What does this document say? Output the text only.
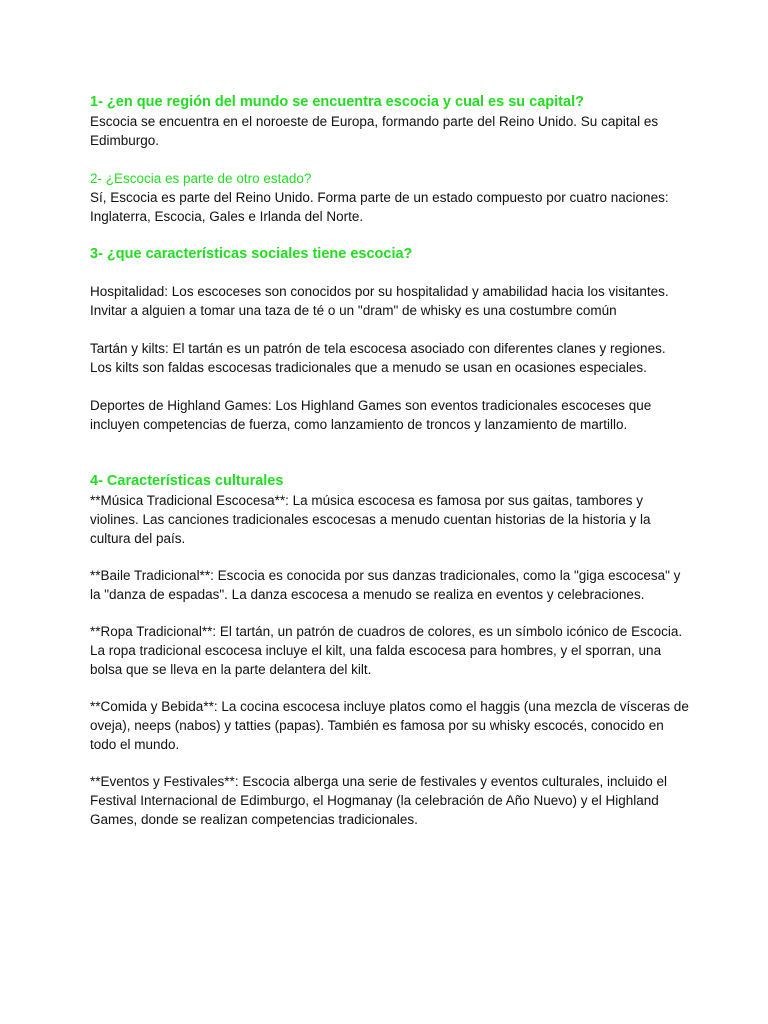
1- ¿en que región del mundo se encuentra escocia y cual es su capital?

Escocia se encuentra en el noroeste de Europa, formando parte del Reino Unido. Su capital es Edimburgo.

2- ¿Escocia es parte de otro estado?

Sí, Escocia es parte del Reino Unido. Forma parte de un estado compuesto por cuatro naciones: Inglaterra, Escocia, Gales e Irlanda del Norte.

3- ¿que características sociales tiene escocia?

Hospitalidad: Los escoceses son conocidos por su hospitalidad y amabilidad hacia los visitantes. Invitar a alguien a tomar una taza de té o un "dram" de whisky es una costumbre común

Tartán y kilts: El tartán es un patrón de tela escocesa asociado con diferentes clanes y regiones. Los kilts son faldas escocesas tradicionales que a menudo se usan en ocasiones especiales.

Deportes de Highland Games: Los Highland Games son eventos tradicionales escoceses que incluyen competencias de fuerza, como lanzamiento de troncos y lanzamiento de martillo.

4- Características culturales

**Música Tradicional Escocesa**: La música escocesa es famosa por sus gaitas, tambores y violines. Las canciones tradicionales escocesas a menudo cuentan historias de la historia y la cultura del país.

**Baile Tradicional**: Escocia es conocida por sus danzas tradicionales, como la "giga escocesa" y la "danza de espadas". La danza escocesa a menudo se realiza en eventos y celebraciones.

**Ropa Tradicional**: El tartán, un patrón de cuadros de colores, es un símbolo icónico de Escocia. La ropa tradicional escocesa incluye el kilt, una falda escocesa para hombres, y el sporran, una bolsa que se lleva en la parte delantera del kilt.

**Comida y Bebida**: La cocina escocesa incluye platos como el haggis (una mezcla de vísceras de oveja), neeps (nabos) y tatties (papas). También es famosa por su whisky escocés, conocido en todo el mundo.

**Eventos y Festivales**: Escocia alberga una serie de festivales y eventos culturales, incluido el Festival Internacional de Edimburgo, el Hogmanay (la celebración de Año Nuevo) y el Highland Games, donde se realizan competencias tradicionales.
